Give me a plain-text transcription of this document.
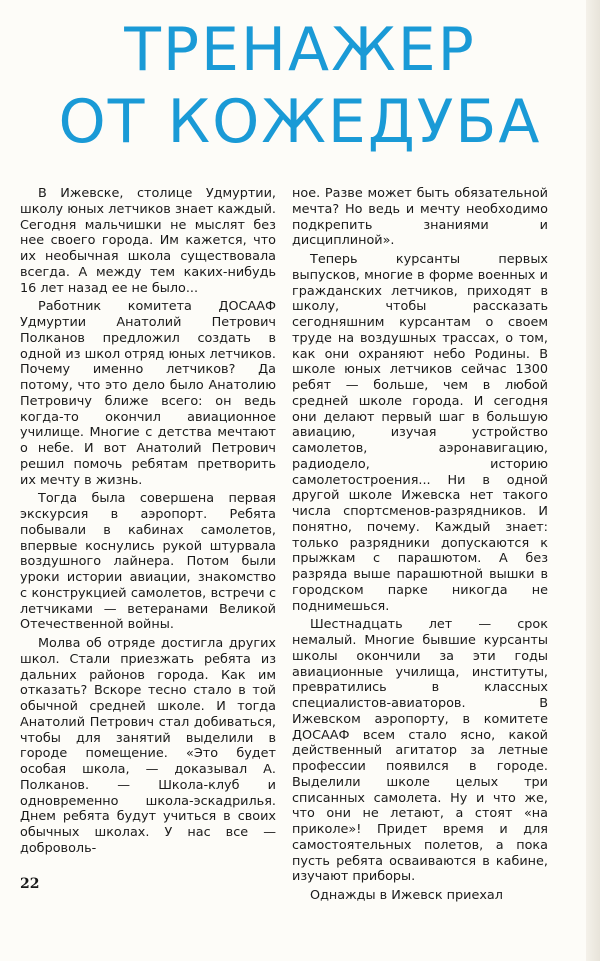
ТРЕНАЖЕР
ОТ КОЖЕДУБА

В Ижевске, столице Удмуртии, школу юных летчиков знает каждый. Сегодня мальчишки не мыслят без нее своего города. Им кажется, что их необычная школа существовала всегда. А между тем каких-нибудь 16 лет назад ее не было...

Работник комитета ДОСААФ Удмуртии Анатолий Петрович Полканов предложил создать в одной из школ отряд юных летчиков. Почему именно летчиков? Да потому, что это дело было Анатолию Петровичу ближе всего: он ведь когда-то окончил авиационное училище. Многие с детства мечтают о небе. И вот Анатолий Петрович решил помочь ребятам претворить их мечту в жизнь.

Тогда была совершена первая экскурсия в аэропорт. Ребята побывали в кабинах самолетов, впервые коснулись рукой штурвала воздушного лайнера. Потом были уроки истории авиации, знакомство с конструкцией самолетов, встречи с летчиками — ветеранами Великой Отечественной войны.

Молва об отряде достигла других школ. Стали приезжать ребята из дальних районов города. Как им отказать? Вскоре тесно стало в той обычной средней школе. И тогда Анатолий Петрович стал добиваться, чтобы для занятий выделили в городе помещение. «Это будет особая школа, — доказывал А. Полканов. — Школа-клуб и одновременно школа-эскадрилья. Днем ребята будут учиться в своих обычных школах. У нас все — доброволь-

ное. Разве может быть обязательной мечта? Но ведь и мечту необходимо подкрепить знаниями и дисциплиной».

Теперь курсанты первых выпусков, многие в форме военных и гражданских летчиков, приходят в школу, чтобы рассказать сегодняшним курсантам о своем труде на воздушных трассах, о том, как они охраняют небо Родины. В школе юных летчиков сейчас 1300 ребят — больше, чем в любой средней школе города. И сегодня они делают первый шаг в большую авиацию, изучая устройство самолетов, аэронавигацию, радиодело, историю самолетостроения... Ни в одной другой школе Ижевска нет такого числа спортсменов-разрядников. И понятно, почему. Каждый знает: только разрядники допускаются к прыжкам с парашютом. А без разряда выше парашютной вышки в городском парке никогда не поднимешься.

Шестнадцать лет — срок немалый. Многие бывшие курсанты школы окончили за эти годы авиационные училища, институты, превратились в классных специалистов-авиаторов. В Ижевском аэропорту, в комитете ДОСААФ всем стало ясно, какой действенный агитатор за летные профессии появился в городе. Выделили школе целых три списанных самолета. Ну и что же, что они не летают, а стоят «на приколе»! Придет время и для самостоятельных полетов, а пока пусть ребята осваиваются в кабине, изучают приборы.

Однажды в Ижевск приехал

22
